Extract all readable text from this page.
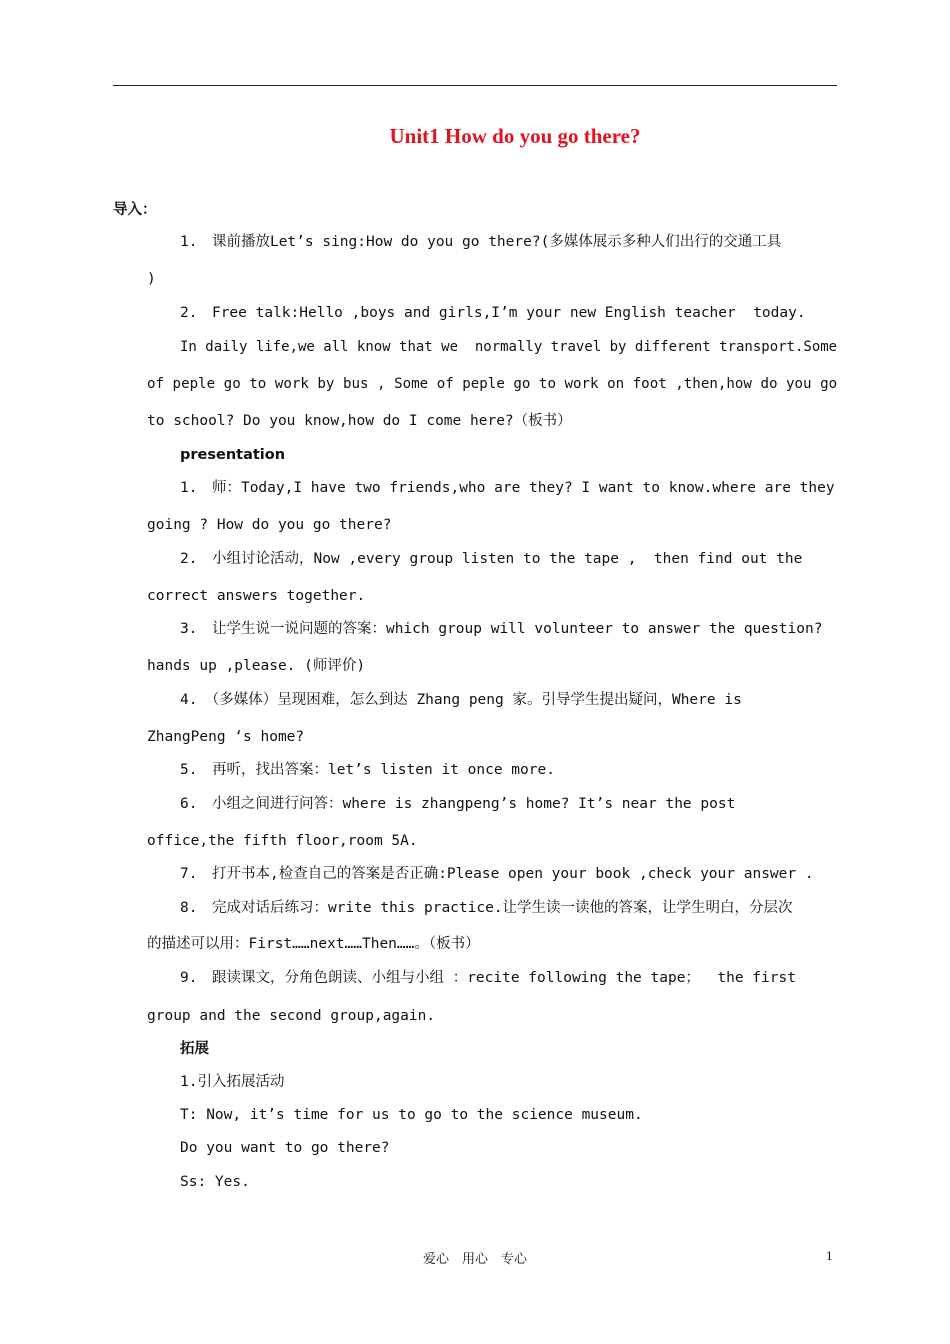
Unit1 How do you go there?
导入：
1.　课前播放Let’s sing:How do you go there?(多媒体展示多种人们出行的交通工具
)
2.　Free talk:Hello ,boys and girls,I’m your new English teacher  today.
In daily life,we all know that we  normally travel by different transport.Some
of peple go to work by bus , Some of peple go to work on foot ,then,how do you go
to school? Do you know,how do I come here?（板书）
presentation
1.　师：Today,I have two friends,who are they? I want to know.where are they
going ? How do you go there?
2.　小组讨论活动，Now ,every group listen to the tape ,  then find out the
correct answers together.
3.　让学生说一说问题的答案：which group will volunteer to answer the question?
hands up ,please. (师评价)
4.　（多媒体）呈现困难，怎么到达 Zhang peng 家。引导学生提出疑问，Where is
ZhangPeng ‘s home?
5.　再听，找出答案：let’s listen it once more.
6.　小组之间进行问答：where is zhangpeng’s home? It’s near the post
office,the fifth floor,room 5A.
7.　打开书本,检查自己的答案是否正确:Please open your book ,check your answer .
8.　完成对话后练习：write this practice.让学生读一读他的答案，让学生明白，分层次
的描述可以用：First……next……Then……。（板书）
9.　跟读课文，分角色朗读、小组与小组 ：recite following the tape；  the first
group and the second group,again.
拓展
1.引入拓展活动
T: Now, it’s time for us to go to the science museum.
Do you want to go there?
Ss: Yes.
爱心　用心　专心	1
